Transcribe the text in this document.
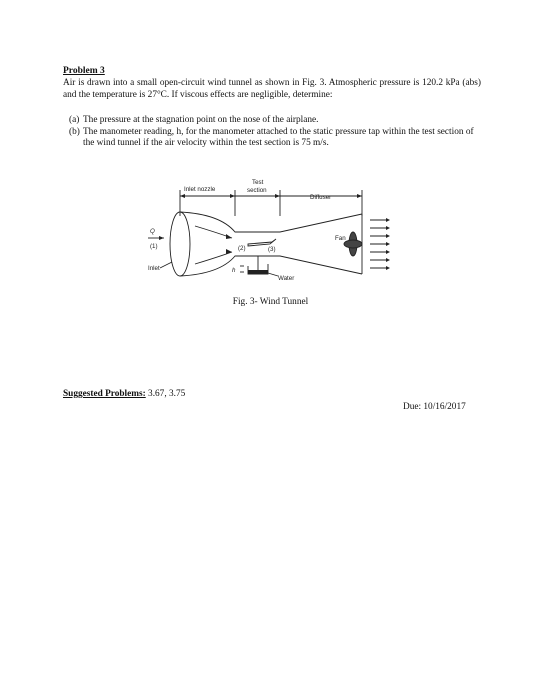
Problem 3

Air is drawn into a small open-circuit wind tunnel as shown in Fig. 3. Atmospheric pressure is 120.2 kPa (abs) and the temperature is 27°C. If viscous effects are negligible, determine:

(a) The pressure at the stagnation point on the nose of the airplane.
(b) The manometer reading, h, for the manometer attached to the static pressure tap within the test section of the wind tunnel if the air velocity within the test section is 75 m/s.
Test
section
Inlet nozzle
Diffuser
Fan
Q
(1)	(2)	(3)
Inlet	h
Water

Fig. 3- Wind Tunnel

Suggested Problems: 3.67, 3.75

Due: 10/16/2017
